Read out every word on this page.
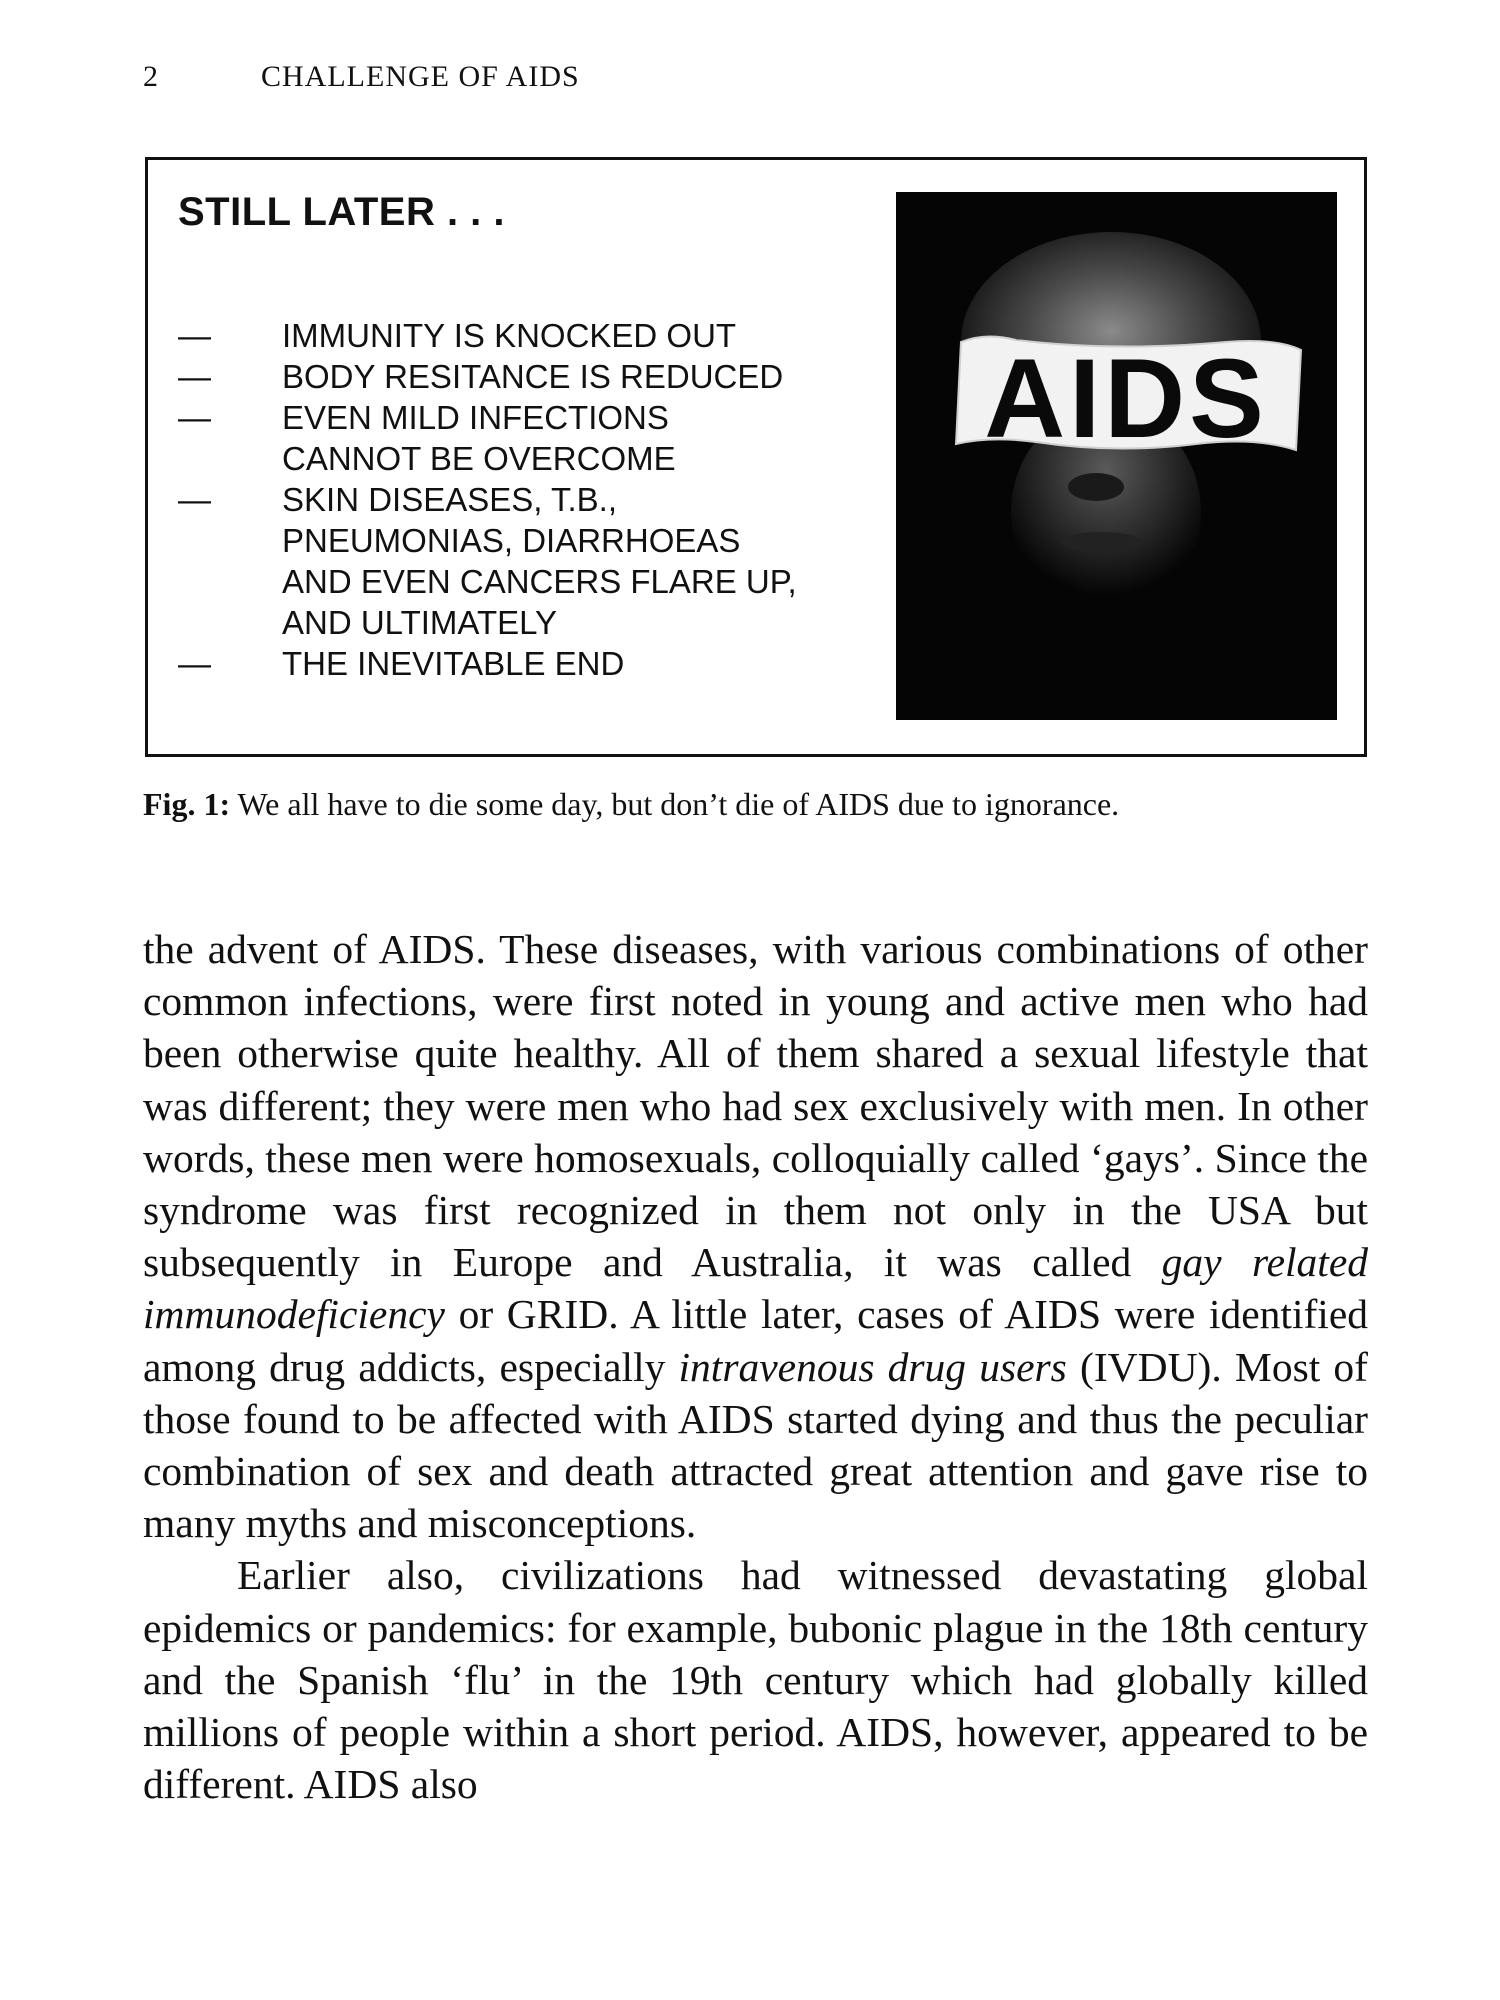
2	CHALLENGE OF AIDS
STILL LATER . . .
— IMMUNITY IS KNOCKED OUT
— BODY RESITANCE IS REDUCED
— EVEN MILD INFECTIONS
CANNOT BE OVERCOME
— SKIN DISEASES, T.B.,
PNEUMONIAS, DIARRHOEAS
AND EVEN CANCERS FLARE UP,
AND ULTIMATELY
— THE INEVITABLE END
AIDS
Fig. 1: We all have to die some day, but don’t die of AIDS due to ignorance.

the advent of AIDS. These diseases, with various combinations of other common infections, were first noted in young and active men who had been otherwise quite healthy. All of them shared a sexual lifestyle that was different; they were men who had sex exclusively with men. In other words, these men were homosexuals, colloquially called ‘gays’. Since the syndrome was first recognized in them not only in the USA but subsequently in Europe and Australia, it was called gay related immunodeficiency or GRID. A little later, cases of AIDS were identified among drug addicts, especially intravenous drug users (IVDU). Most of those found to be affected with AIDS started dying and thus the peculiar combination of sex and death attracted great attention and gave rise to many myths and misconceptions.

Earlier also, civilizations had witnessed devastating global epidemics or pandemics: for example, bubonic plague in the 18th century and the Spanish ‘flu’ in the 19th century which had globally killed millions of people within a short period. AIDS, however, appeared to be different. AIDS also
